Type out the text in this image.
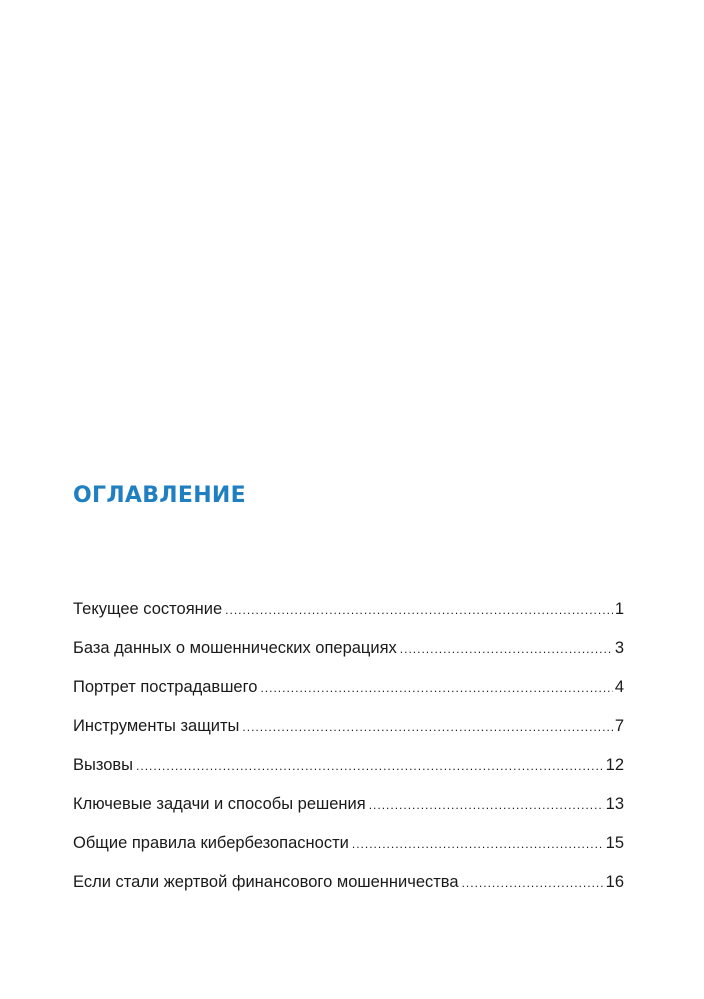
ОГЛАВЛЕНИЕ
Текущее состояние .....	1
База данных о мошеннических операциях .....	3
Портрет пострадавшего .....	4
Инструменты защиты .....	7
Вызовы .....	12
Ключевые задачи и способы решения .....	13
Общие правила кибербезопасности .....	15
Если стали жертвой финансового мошенничества .....	16
